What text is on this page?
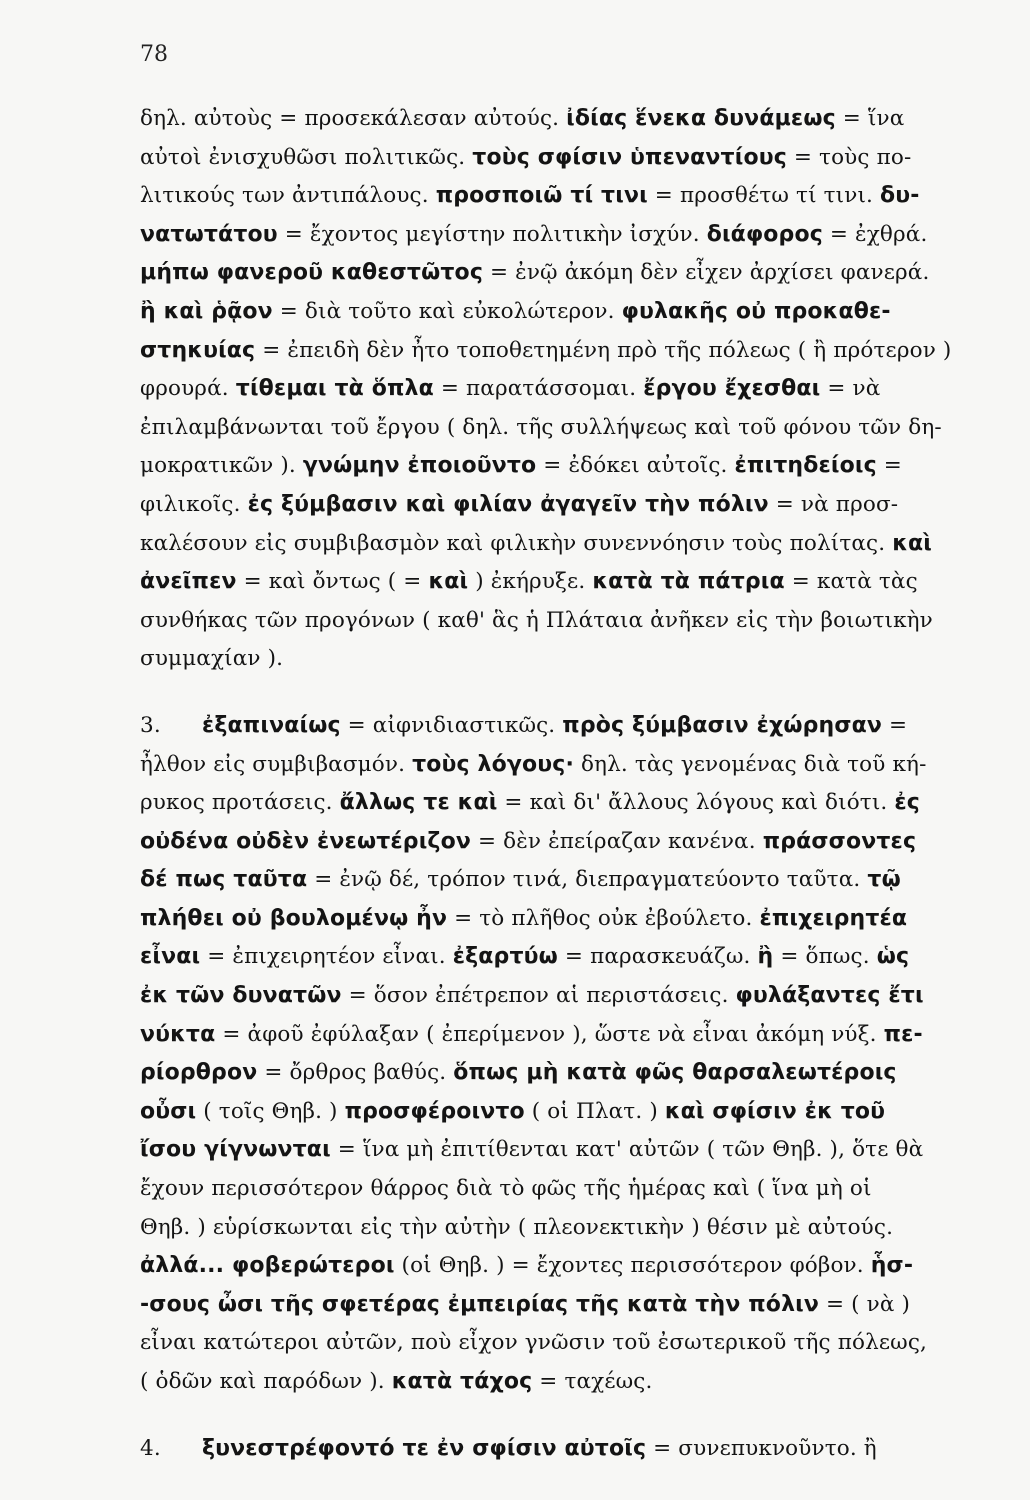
78
δηλ. αὐτοὺς = προσεκάλεσαν αὐτούς. ἰδίας ἕνεκα δυνάμεως = ἵνα
αὐτοὶ ἐνισχυθῶσι πολιτικῶς. τοὺς σφίσιν ὑπεναντίους = τοὺς πο-
λιτικούς των ἀντιπάλους. προσποιῶ τί τινι = προσθέτω τί τινι. δυ-
νατωτάτου = ἔχοντος μεγίστην πολιτικὴν ἰσχύν. διάφορος = ἐχθρά.
μήπω φανεροῦ καθεστῶτος = ἐνῷ ἀκόμη δὲν εἶχεν ἀρχίσει φανερά.
ἢ καὶ ῥᾷον = διὰ τοῦτο καὶ εὐκολώτερον. φυλακῆς οὐ προκαθε-
στηκυίας = ἐπειδὴ δὲν ἦτο τοποθετημένη πρὸ τῆς πόλεως ( ἢ πρότερον )
φρουρά. τίθεμαι τὰ ὅπλα = παρατάσσομαι. ἔργου ἔχεσθαι = νὰ
ἐπιλαμβάνωνται τοῦ ἔργου ( δηλ. τῆς συλλήψεως καὶ τοῦ φόνου τῶν δη-
μοκρατικῶν ). γνώμην ἐποιοῦντο = ἐδόκει αὐτοῖς. ἐπιτηδείοις =
φιλικοῖς. ἐς ξύμβασιν καὶ φιλίαν ἀγαγεῖν τὴν πόλιν = νὰ προσ-
καλέσουν εἰς συμβιβασμὸν καὶ φιλικὴν συνεννόησιν τοὺς πολίτας. καὶ
ἀνεῖπεν = καὶ ὄντως ( = καὶ ) ἐκήρυξε. κατὰ τὰ πάτρια = κατὰ τὰς
συνθήκας τῶν προγόνων ( καθ' ἃς ἡ Πλάταια ἀνῆκεν εἰς τὴν βοιωτικὴν
συμμαχίαν ).
3. ἐξαπιναίως = αἰφνιδιαστικῶς. πρὸς ξύμβασιν ἐχώρησαν =
ἦλθον εἰς συμβιβασμόν. τοὺς λόγους· δηλ. τὰς γενομένας διὰ τοῦ κή-
ρυκος προτάσεις. ἄλλως τε καὶ = καὶ δι' ἄλλους λόγους καὶ διότι. ἐς
οὐδένα οὐδὲν ἐνεωτέριζον = δὲν ἐπείραζαν κανένα. πράσσοντες
δέ πως ταῦτα = ἐνῷ δέ, τρόπον τινά, διεπραγματεύοντο ταῦτα. τῷ
πλήθει οὐ βουλομένῳ ἦν = τὸ πλῆθος οὐκ ἐβούλετο. ἐπιχειρητέα
εἶναι = ἐπιχειρητέον εἶναι. ἐξαρτύω = παρασκευάζω. ἢ = ὅπως. ὡς
ἐκ τῶν δυνατῶν = ὅσον ἐπέτρεπον αἱ περιστάσεις. φυλάξαντες ἔτι
νύκτα = ἀφοῦ ἐφύλαξαν ( ἐπερίμενον ), ὥστε νὰ εἶναι ἀκόμη νύξ. πε-
ρίορθρον = ὄρθρος βαθύς. ὅπως μὴ κατὰ φῶς θαρσαλεωτέροις
οὖσι ( τοῖς Θηβ. ) προσφέροιντο ( οἱ Πλατ. ) καὶ σφίσιν ἐκ τοῦ
ἴσου γίγνωνται = ἵνα μὴ ἐπιτίθενται κατ' αὐτῶν ( τῶν Θηβ. ), ὅτε θὰ
ἔχουν περισσότερον θάρρος διὰ τὸ φῶς τῆς ἡμέρας καὶ ( ἵνα μὴ οἱ
Θηβ. ) εὑρίσκωνται εἰς τὴν αὐτὴν ( πλεονεκτικὴν ) θέσιν μὲ αὐτούς.
ἀλλά... φοβερώτεροι (οἱ Θηβ. ) = ἔχοντες περισσότερον φόβον. ἧσ-
-σους ὦσι τῆς σφετέρας ἐμπειρίας τῆς κατὰ τὴν πόλιν = ( νὰ )
εἶναι κατώτεροι αὐτῶν, ποὺ εἶχον γνῶσιν τοῦ ἐσωτερικοῦ τῆς πόλεως,
( ὁδῶν καὶ παρόδων ). κατὰ τάχος = ταχέως.
4. ξυνεστρέφοντό τε ἐν σφίσιν αὐτοῖς = συνεπυκνοῦντο. ἢ
